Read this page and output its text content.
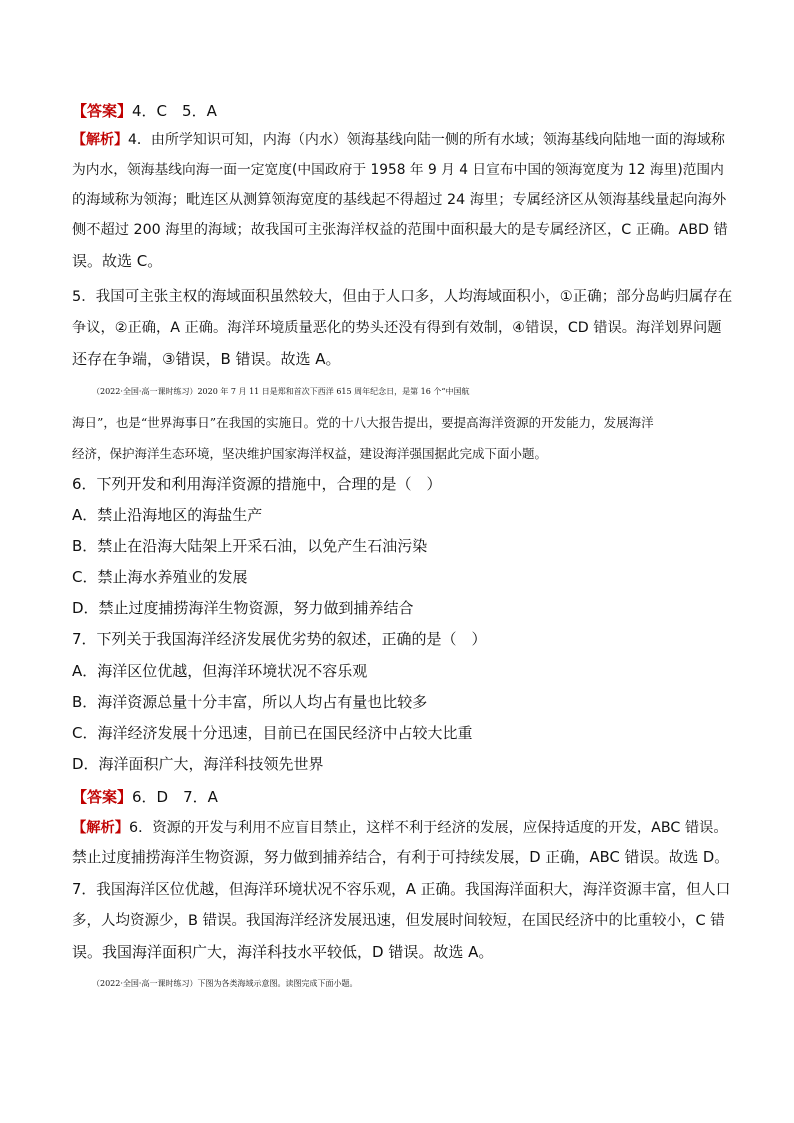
【答案】4．C　5．A
【解析】4．由所学知识可知，内海（内水）领海基线向陆一侧的所有水域；领海基线向陆地一面的海域称
为内水，领海基线向海一面一定宽度(中国政府于 1958 年 9 月 4 日宣布中国的领海宽度为 12 海里)范围内
的海域称为领海；毗连区从测算领海宽度的基线起不得超过 24 海里；专属经济区从领海基线量起向海外
侧不超过 200 海里的海域；故我国可主张海洋权益的范围中面积最大的是专属经济区，C 正确。ABD 错
误。故选 C。
5．我国可主张主权的海域面积虽然较大，但由于人口多，人均海域面积小，①正确；部分岛屿归属存在
争议，②正确，A 正确。海洋环境质量恶化的势头还没有得到有效制，④错误，CD 错误。海洋划界问题
还存在争端，③错误，B 错误。故选 A。
（2022·全国·高一课时练习）2020 年 7 月 11 日是郑和首次下西洋 615 周年纪念日，是第 16 个“中国航
海日”，也是“世界海事日”在我国的实施日。党的十八大报告提出，要提高海洋资源的开发能力，发展海洋
经济，保护海洋生态环境，坚决维护国家海洋权益，建设海洋强国据此完成下面小题。
6．下列开发和利用海洋资源的措施中，合理的是（　）
A．禁止沿海地区的海盐生产
B．禁止在沿海大陆架上开采石油，以免产生石油污染
C．禁止海水养殖业的发展
D．禁止过度捕捞海洋生物资源，努力做到捕养结合
7．下列关于我国海洋经济发展优劣势的叙述，正确的是（　）
A．海洋区位优越，但海洋环境状况不容乐观
B．海洋资源总量十分丰富，所以人均占有量也比较多
C．海洋经济发展十分迅速，目前已在国民经济中占较大比重
D．海洋面积广大，海洋科技领先世界
【答案】6．D　7．A
【解析】6．资源的开发与利用不应盲目禁止，这样不利于经济的发展，应保持适度的开发，ABC 错误。
禁止过度捕捞海洋生物资源，努力做到捕养结合，有利于可持续发展，D 正确，ABC 错误。故选 D。
7．我国海洋区位优越，但海洋环境状况不容乐观，A 正确。我国海洋面积大，海洋资源丰富，但人口
多，人均资源少，B 错误。我国海洋经济发展迅速，但发展时间较短，在国民经济中的比重较小，C 错
误。我国海洋面积广大，海洋科技水平较低，D 错误。故选 A。
（2022·全国·高一课时练习）下图为各类海域示意图。读图完成下面小题。
